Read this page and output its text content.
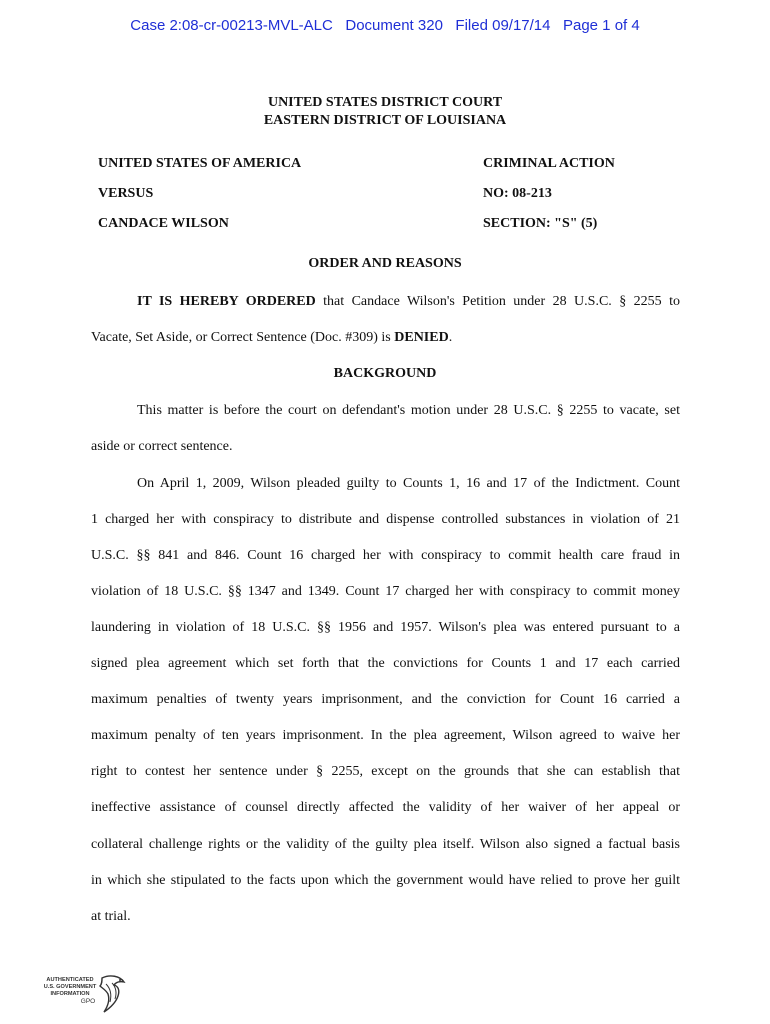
Case 2:08-cr-00213-MVL-ALC   Document 320   Filed 09/17/14   Page 1 of 4
UNITED STATES DISTRICT COURT
EASTERN DISTRICT OF LOUISIANA
UNITED STATES OF AMERICA
VERSUS
CANDACE WILSON
CRIMINAL ACTION
NO: 08-213
SECTION: "S" (5)
ORDER AND REASONS
IT IS HEREBY ORDERED that Candace Wilson's Petition under 28 U.S.C. § 2255 to
Vacate, Set Aside, or Correct Sentence (Doc. #309) is DENIED.
BACKGROUND
This matter is before the court on defendant's motion under 28 U.S.C. § 2255 to vacate, set
aside or correct sentence.
On April 1, 2009, Wilson pleaded guilty to Counts 1, 16 and 17 of the Indictment. Count
1 charged her with conspiracy to distribute and dispense controlled substances in violation of 21
U.S.C. §§ 841 and 846. Count 16 charged her with conspiracy to commit health care fraud in
violation of 18 U.S.C. §§ 1347 and 1349. Count 17 charged her with conspiracy to commit money
laundering in violation of 18 U.S.C. §§ 1956 and 1957. Wilson's plea was entered pursuant to a
signed plea agreement which set forth that the convictions for Counts 1 and 17 each carried
maximum penalties of twenty years imprisonment, and the conviction for Count 16 carried a
maximum penalty of ten years imprisonment. In the plea agreement, Wilson agreed to waive her
right to contest her sentence under § 2255, except on the grounds that she can establish that
ineffective assistance of counsel directly affected the validity of her waiver of her appeal or
collateral challenge rights or the validity of the guilty plea itself. Wilson also signed a factual basis
in which she stipulated to the facts upon which the government would have relied to prove her guilt
at trial.
AUTHENTICATED
U.S. GOVERNMENT
INFORMATION
GPO
